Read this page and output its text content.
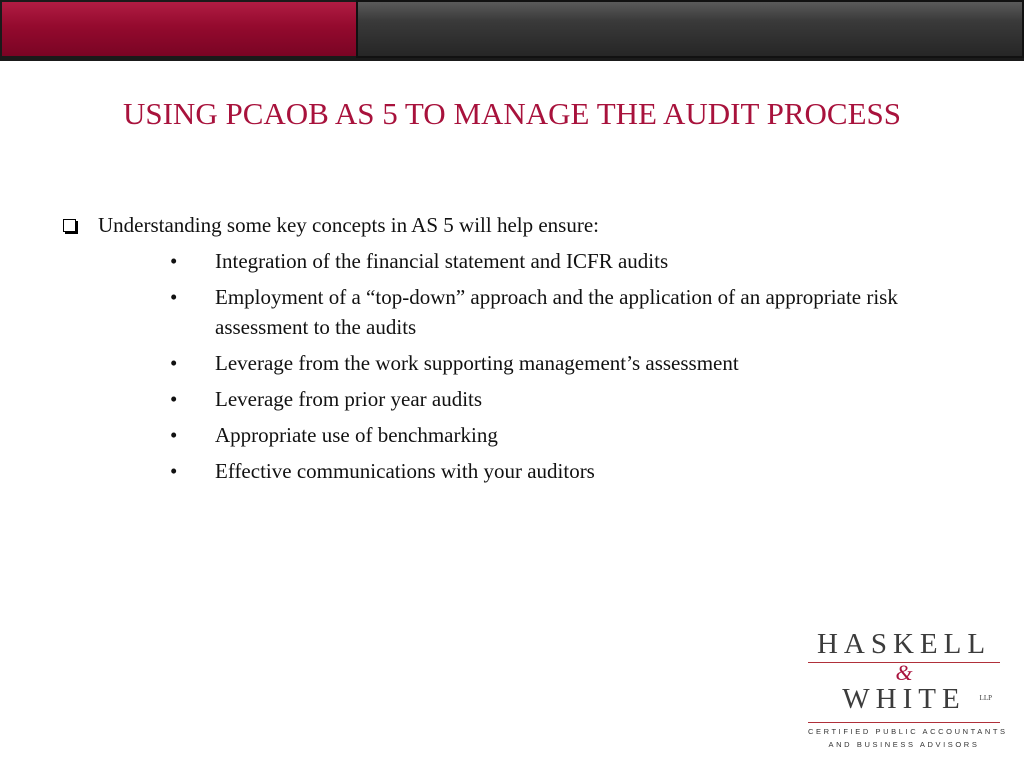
USING PCAOB AS 5 TO MANAGE THE AUDIT PROCESS
Understanding some key concepts in AS 5 will help ensure:
• Integration of the financial statement and ICFR audits
• Employment of a “top-down” approach and the application of an appropriate risk assessment to the audits
• Leverage from the work supporting management’s assessment
• Leverage from prior year audits
• Appropriate use of benchmarking
• Effective communications with your auditors
HASKELL
&
WHITE LLP
CERTIFIED PUBLIC ACCOUNTANTS
AND BUSINESS ADVISORS
